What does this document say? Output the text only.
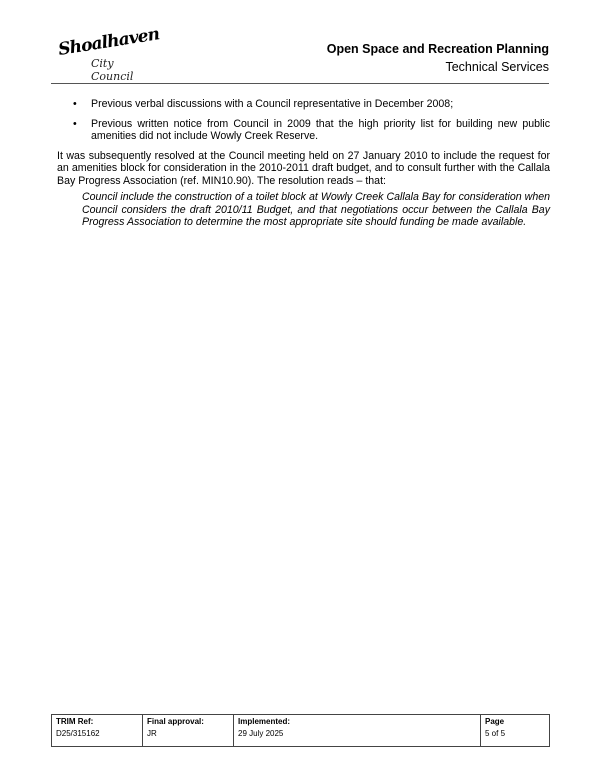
Shoalhaven
City Council
Open Space and Recreation Planning
Technical Services
• Previous verbal discussions with a Council representative in December 2008;
• Previous written notice from Council in 2009 that the high priority list for building new public amenities did not include Wowly Creek Reserve.

It was subsequently resolved at the Council meeting held on 27 January 2010 to include the request for an amenities block for consideration in the 2010-2011 draft budget, and to consult further with the Callala Bay Progress Association (ref. MIN10.90). The resolution reads – that:

Council include the construction of a toilet block at Wowly Creek Callala Bay for consideration when Council considers the draft 2010/11 Budget, and that negotiations occur between the Callala Bay Progress Association to determine the most appropriate site should funding be made available.

TRIM Ref:
D25/315162	
Final approval:
JR	
Implemented:
29 July 2025	
Page
5 of 5
